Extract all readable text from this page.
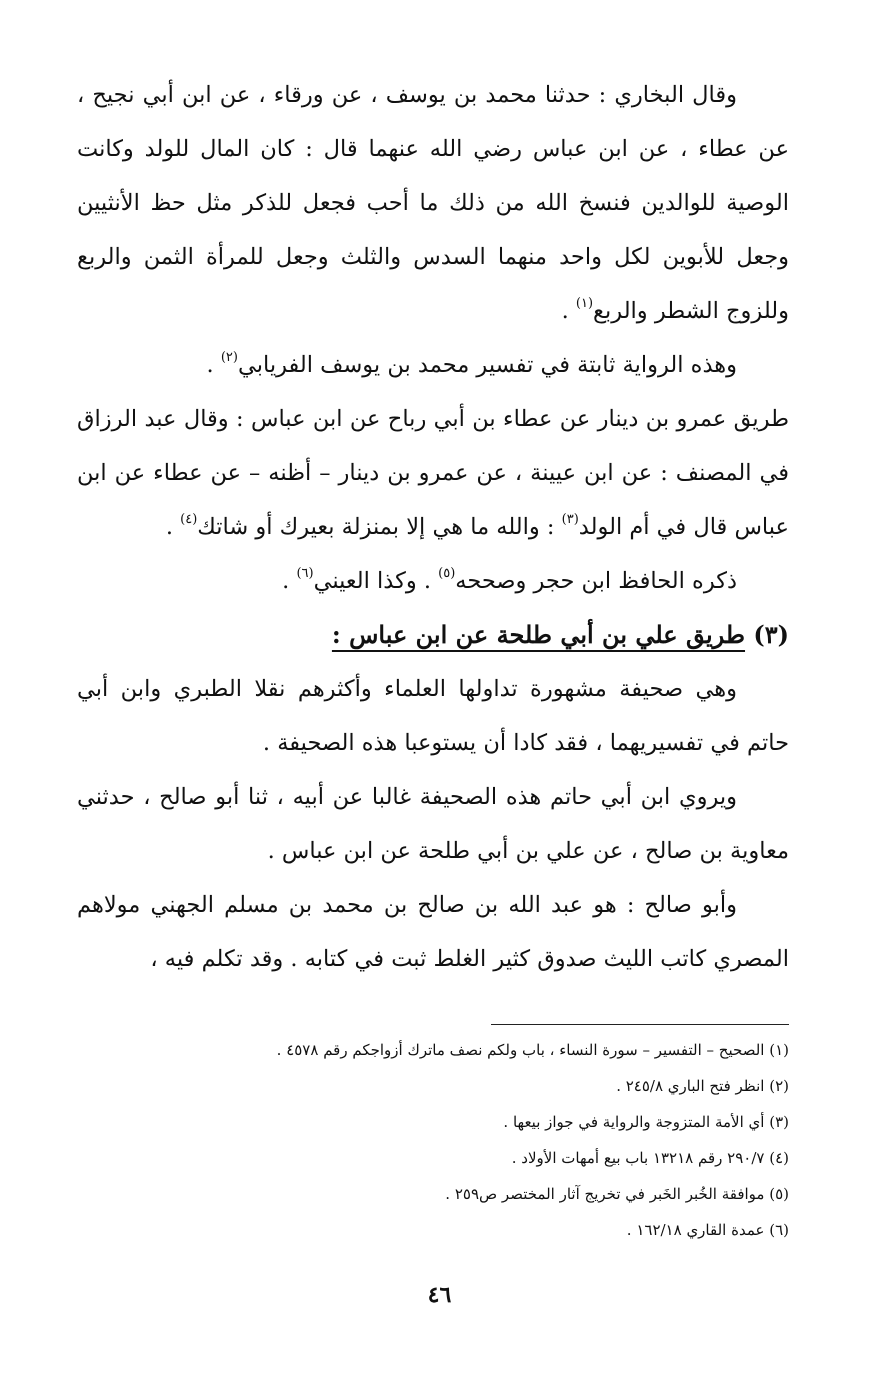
وقال البخاري : حدثنا محمد بن يوسف ، عن ورقاء ، عن ابن أبي نجيح ، عن عطاء ، عن ابن عباس رضي الله عنهما قال : كان المال للولد وكانت الوصية للوالدين فنسخ الله من ذلك ما أحب فجعل للذكر مثل حظ الأنثيين وجعل للأبوين لكل واحد منهما السدس والثلث وجعل للمرأة الثمن والربع وللزوج الشطر والربع$^{(١)}$ .

وهذه الرواية ثابتة في تفسير محمد بن يوسف الفريابي$^{(٢)}$ .

طريق عمرو بن دينار عن عطاء بن أبي رباح عن ابن عباس : وقال عبد الرزاق في المصنف : عن ابن عيينة ، عن عمرو بن دينار – أظنه – عن عطاء عن ابن عباس قال في أم الولد$^{(٣)}$ : والله ما هي إلا بمنزلة بعيرك أو شاتك$^{(٤)}$ .

ذكره الحافظ ابن حجر وصححه$^{(٥)}$ . وكذا العيني$^{(٦)}$ .

(٣) طريق علي بن أبي طلحة عن ابن عباس :

وهي صحيفة مشهورة تداولها العلماء وأكثرهم نقلا الطبري وابن أبي حاتم في تفسيريهما ، فقد كادا أن يستوعبا هذه الصحيفة .

ويروي ابن أبي حاتم هذه الصحيفة غالبا عن أبيه ، ثنا أبو صالح ، حدثني معاوية بن صالح ، عن علي بن أبي طلحة عن ابن عباس .

وأبو صالح : هو عبد الله بن صالح بن محمد بن مسلم الجهني مولاهم المصري كاتب الليث صدوق كثير الغلط ثبت في كتابه . وقد تكلم فيه ،

(١) الصحيح – التفسير – سورة النساء ، باب ولكم نصف ماترك أزواجكم رقم ٤٥٧٨ .
(٢) انظر فتح الباري ٢٤٥/٨ .
(٣) أي الأمة المتزوجة والرواية في جواز بيعها .
(٤) ٢٩٠/٧ رقم ١٣٢١٨ باب بيع أمهات الأولاد .
(٥) موافقة الخُبر الخَبر في تخريج آثار المختصر ص٢٥٩ .
(٦) عمدة القاري ١٦٢/١٨ .
٤٦
